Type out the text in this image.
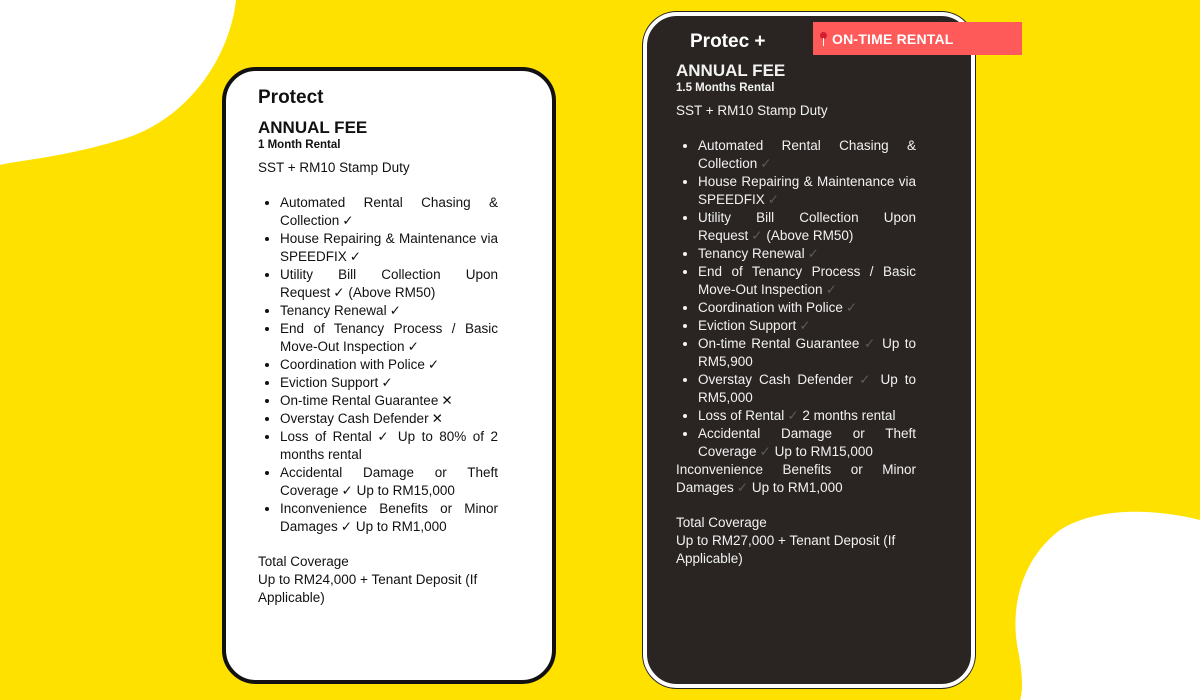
Protect

ANNUAL FEE

1 Month Rental

SST + RM10 Stamp Duty

• Automated Rental Chasing & Collection ✓
• House Repairing & Maintenance via SPEEDFIX ✓
• Utility Bill Collection Upon Request ✓ (Above RM50)
• Tenancy Renewal ✓
• End of Tenancy Process / Basic Move-Out Inspection ✓
• Coordination with Police ✓
• Eviction Support ✓
• On-time Rental Guarantee ✕
• Overstay Cash Defender ✕
• Loss of Rental ✓ Up to 80% of 2 months rental
• Accidental Damage or Theft Coverage ✓ Up to RM15,000
• Inconvenience Benefits or Minor Damages ✓ Up to RM1,000
Total Coverage
Up to RM24,000 + Tenant Deposit (If Applicable)
Protec +	ON-TIME RENTAL

ANNUAL FEE

1.5 Months Rental

SST + RM10 Stamp Duty

• Automated Rental Chasing & Collection ✓
• House Repairing & Maintenance via SPEEDFIX ✓
• Utility Bill Collection Upon Request ✓ (Above RM50)
• Tenancy Renewal ✓
• End of Tenancy Process / Basic Move-Out Inspection ✓
• Coordination with Police ✓
• Eviction Support ✓
• On-time Rental Guarantee ✓ Up to RM5,900
• Overstay Cash Defender ✓ Up to RM5,000
• Loss of Rental ✓ 2 months rental
• Accidental Damage or Theft Coverage ✓ Up to RM15,000
Inconvenience Benefits or Minor Damages ✓ Up to RM1,000
Total Coverage
Up to RM27,000 + Tenant Deposit (If Applicable)
